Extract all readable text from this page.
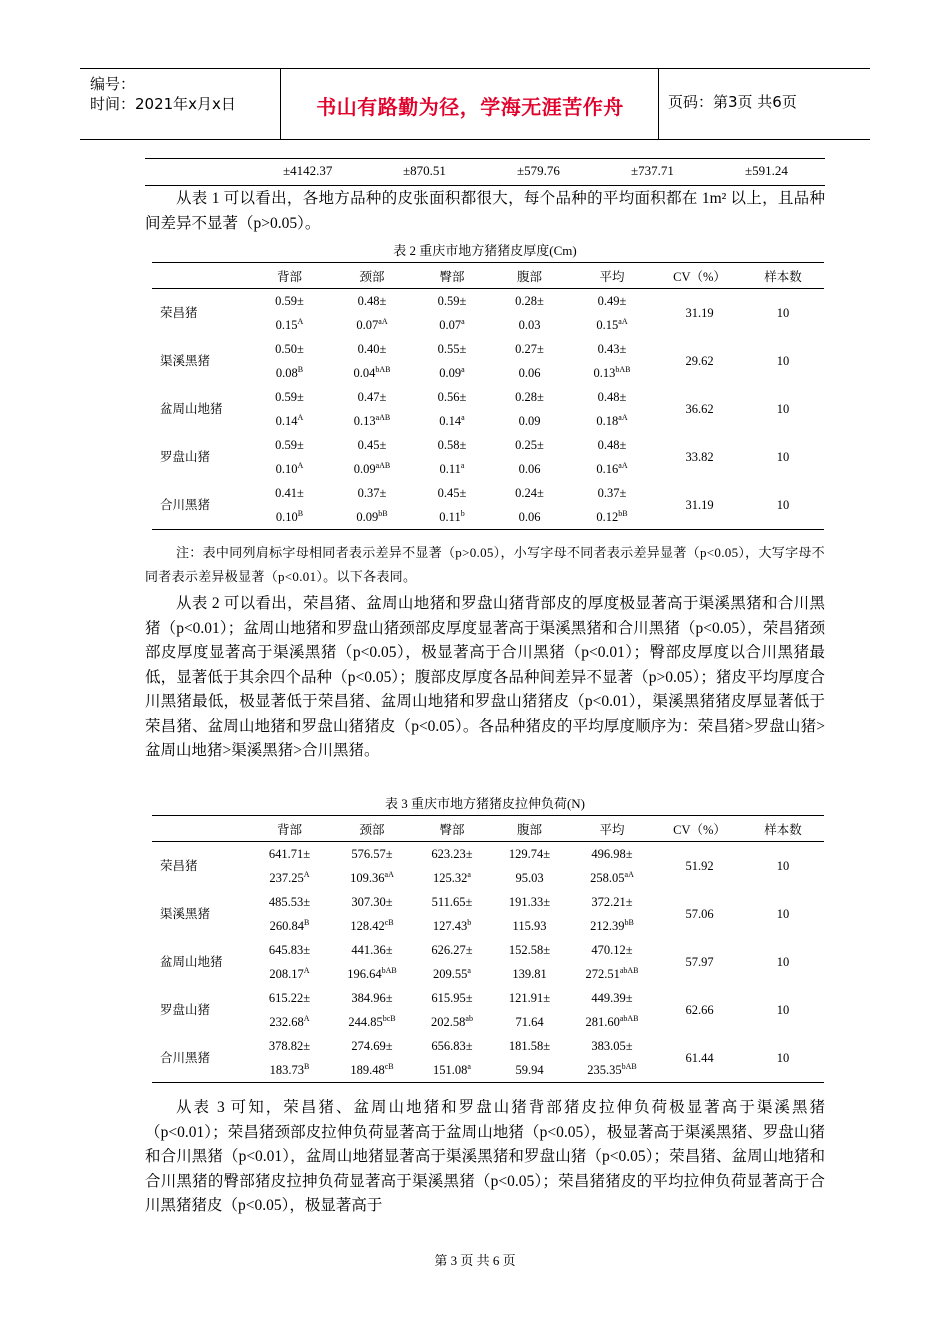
编号：
时间：2021年x月x日	书山有路勤为径，学海无涯苦作舟	页码：第3页 共6页
±4142.37	±870.51	±579.76	±737.71	±591.24

从表 1 可以看出，各地方品种的皮张面积都很大，每个品种的平均面积都在 1m² 以上，且品种间差异不显著（p>0.05）。

表 2 重庆市地方猪猪皮厚度(Cm)
	背部	颈部	臀部	腹部	平均	CV（%）	样本数
荣昌猪	0.59±	0.48±	0.59±	0.28±	0.49±	31.19	10
	$0.15^A$	$0.07^{aA}$	0.07$^a$	0.03	$0.15^{aA}$
渠溪黑猪	0.50±	0.40±	0.55±	0.27±	0.43±	29.62	10
	$0.08^B$	$0.04^{bAB}$	0.09$^a$	0.06	$0.13^{bAB}$
盆周山地猪	0.59±	0.47±	0.56±	0.28±	0.48±	36.62	10
	$0.14^A$	$0.13^{aAB}$	0.14$^a$	0.09	$0.18^{aA}$
罗盘山猪	0.59±	0.45±	0.58±	0.25±	0.48±	33.82	10
	$0.10^A$	$0.09^{aAB}$	0.11$^a$	0.06	$0.16^{aA}$
合川黑猪	0.41±	0.37±	0.45±	0.24±	0.37±	31.19	10
	$0.10^B$	$0.09^{bB}$	0.11$^b$	0.06	$0.12^{bB}$
注：表中同列肩标字母相同者表示差异不显著（p>0.05），小写字母不同者表示差异显著（p<0.05），大写字母不同者表示差异极显著（p<0.01）。以下各表同。

从表 2 可以看出，荣昌猪、盆周山地猪和罗盘山猪背部皮的厚度极显著高于渠溪黑猪和合川黑猪（p<0.01）；盆周山地猪和罗盘山猪颈部皮厚度显著高于渠溪黑猪和合川黑猪（p<0.05），荣昌猪颈部皮厚度显著高于渠溪黑猪（p<0.05），极显著高于合川黑猪（p<0.01）；臀部皮厚度以合川黑猪最低，显著低于其余四个品种（p<0.05）；腹部皮厚度各品种间差异不显著（p>0.05）；猪皮平均厚度合川黑猪最低，极显著低于荣昌猪、盆周山地猪和罗盘山猪猪皮（p<0.01），渠溪黑猪猪皮厚显著低于荣昌猪、盆周山地猪和罗盘山猪猪皮（p<0.05）。各品种猪皮的平均厚度顺序为：荣昌猪>罗盘山猪>盆周山地猪>渠溪黑猪>合川黑猪。

表 3 重庆市地方猪猪皮拉伸负荷(N)
	背部	颈部	臀部	腹部	平均	CV（%）	样本数
荣昌猪	641.71±	576.57±	623.23±	129.74±	496.98±	51.92	10
	$237.25^A$	$109.36^{aA}$	125.32$^a$	95.03	$258.05^{aA}$
渠溪黑猪	485.53±	307.30±	511.65±	191.33±	372.21±	57.06	10
	$260.84^B$	$128.42^{cB}$	127.43$^b$	115.93	$212.39^{bB}$
盆周山地猪	645.83±	441.36±	626.27±	152.58±	470.12±	57.97	10
	$208.17^A$	$196.64^{bAB}$	209.55$^a$	139.81	$272.51^{abAB}$
罗盘山猪	615.22±	384.96±	615.95±	121.91±	449.39±	62.66	10
	$232.68^A$	$244.85^{bcB}$	202.58$^{ab}$	71.64	$281.60^{abAB}$
合川黑猪	378.82±	274.69±	656.83±	181.58±	383.05±	61.44	10
	$183.73^B$	$189.48^{cB}$	151.08$^a$	59.94	$235.35^{bAB}$

从表 3 可知，荣昌猪、盆周山地猪和罗盘山猪背部猪皮拉伸负荷极显著高于渠溪黑猪（p<0.01）；荣昌猪颈部皮拉伸负荷显著高于盆周山地猪（p<0.05），极显著高于渠溪黑猪、罗盘山猪和合川黑猪（p<0.01），盆周山地猪显著高于渠溪黑猪和罗盘山猪（p<0.05）；荣昌猪、盆周山地猪和合川黑猪的臀部猪皮拉抻负荷显著高于渠溪黑猪（p<0.05）；荣昌猪猪皮的平均拉伸负荷显著高于合川黑猪猪皮（p<0.05），极显著高于

第 3 页 共 6 页
